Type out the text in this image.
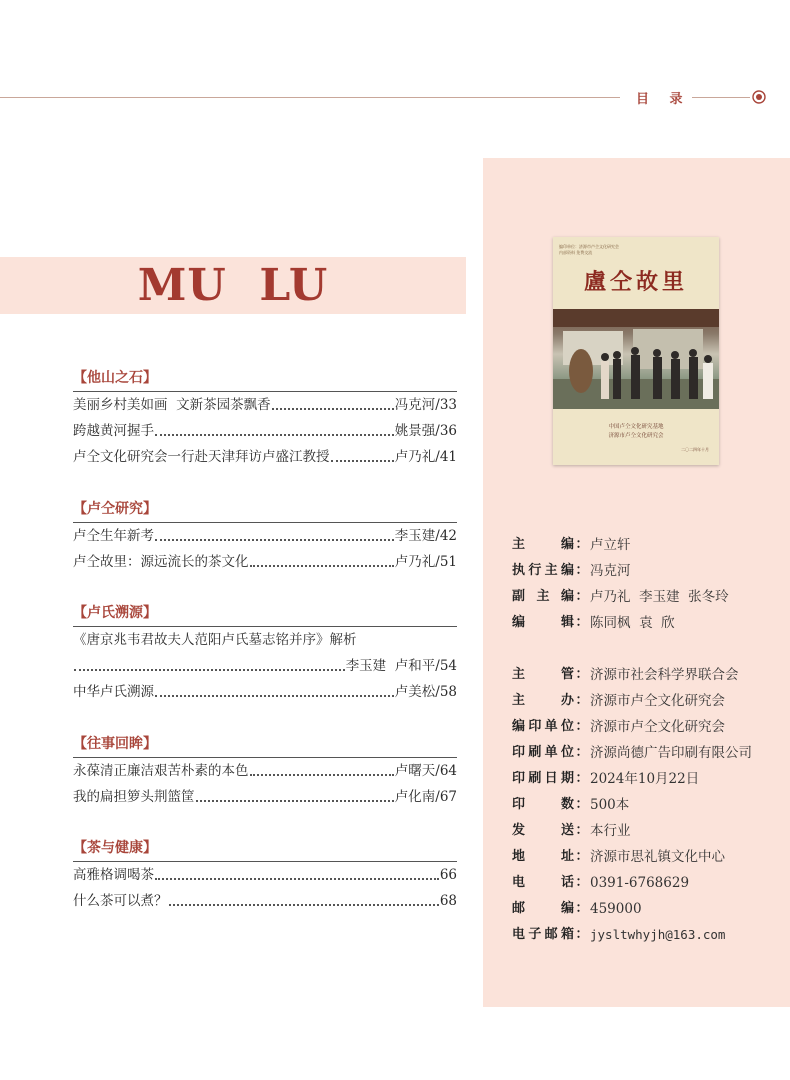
目 录
MU  LU
【他山之石】
美丽乡村美如画  文新茶园茶飘香	冯克河/33
跨越黄河握手	姚景强/36
卢仝文化研究会一行赴天津拜访卢盛江教授	卢乃礼/41
【卢仝研究】
卢仝生年新考	李玉建/42
卢仝故里：源远流长的茶文化	卢乃礼/51
【卢氏溯源】
《唐京兆韦君故夫人范阳卢氏墓志铭并序》解析
李玉建  卢和平/54
中华卢氏溯源	卢美松/58
【往事回眸】
永葆清正廉洁艰苦朴素的本色	卢曙天/64
我的扁担箩头荆篮筐	卢化南/67
【茶与健康】
高雅格调喝茶	66
什么茶可以煮？	68
编印单位：济源市卢仝文化研究会
内部资料 免费交流
盧仝故里
中国卢仝文化研究基地
济源市卢仝文化研究会
二〇二四年十月
主	编 ： 卢立轩
执 行 主 编 ： 冯克河
副 主 编 ： 卢乃礼  李玉建  张冬玲
编	辑 ： 陈同枫  袁  欣
主	管 ： 济源市社会科学界联合会
主	办 ： 济源市卢仝文化研究会
编 印 单 位 ： 济源市卢仝文化研究会
印 刷 单 位 ： 济源尚德广告印刷有限公司
印 刷 日 期 ： 2024年10月22日
印	数 ： 500本
发	送 ： 本行业
地	址 ： 济源市思礼镇文化中心
电	话 ： 0391-6768629
邮	编 ： 459000
电 子 邮 箱 ： jysltwhyjh@163.com
